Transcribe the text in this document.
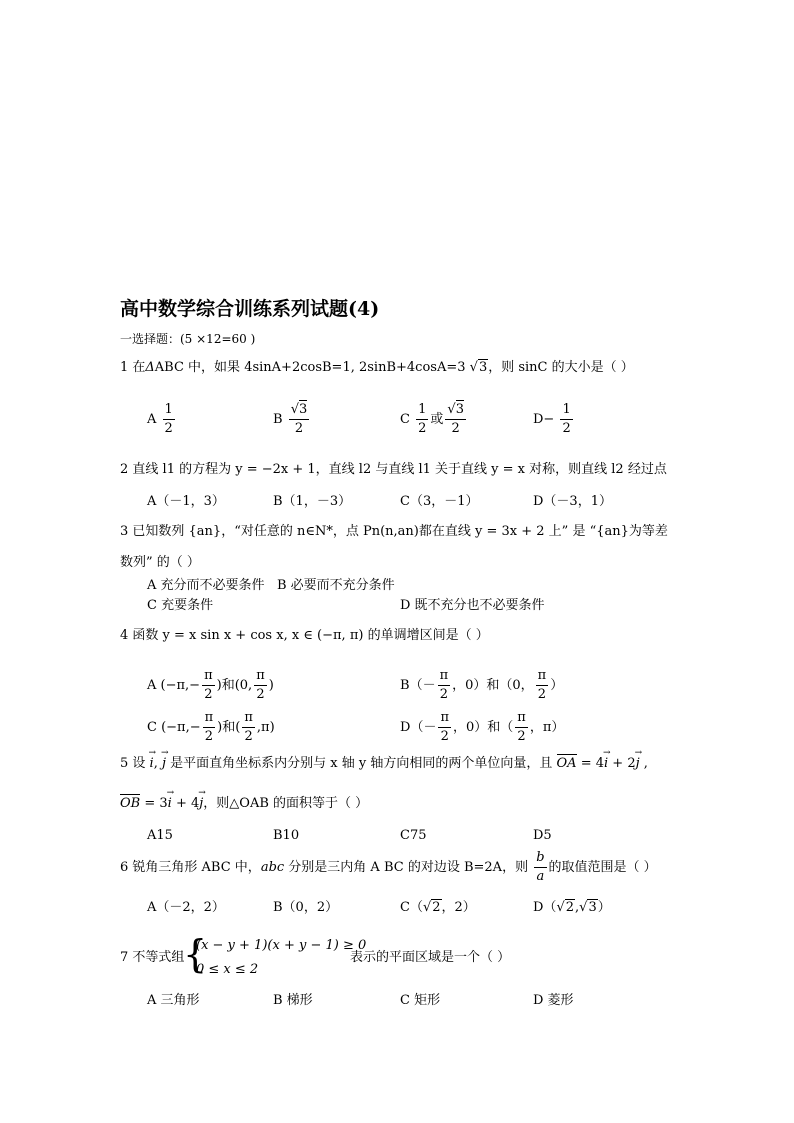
高中数学综合训练系列试题(4)
一选择题：(5 ×12=60 )
1 在ΔABC 中，如果 4sinA+2cosB=1, 2sinB+4cosA=3 √3，则 sinC 的大小是（ ）
A $\frac{1}{2}$	B $\frac{√3}{2}$	C $\frac{1}{2}$ 或 $\frac{√3}{2}$	$D- \frac{1}{2}$
2 直线 l1 的方程为 y = −2x + 1，直线 l2 与直线 l1 关于直线 y = x 对称，则直线 l2 经过点
A（－1，3）	B（1，－3）	C（3，－1）	D（－3，1）
3 已知数列 {an}，“对任意的 n∈N*，点 Pn(n,an)都在直线 y = 3x + 2 上” 是 “{an}为等差
数列” 的（ ）
A 充分而不必要条件 B 必要而不充分条件
C 充要条件	D 既不充分也不必要条件
4 函数 y = x sin x + cos x, x ∈ (−π, π) 的单调增区间是（ ）
A ($-\pi,- \frac{\pi}{2}$ )和(0, $\frac{\pi}{2}$ )	$B(- \frac{\pi}{2}$ ，0）和（0， $\frac{\pi}{2}$ ）
C ($-\pi,- \frac{\pi}{2}$ )和( $\frac{\pi}{2} ,\pi$)	$D(- \frac{\pi}{2}$ ，0）和（ $\frac{\pi}{2}$ ，π）
5 设 i →, j → 是平面直角坐标系内分别与 x 轴 y 轴方向相同的两个单位向量，且 OA = 4i → + 2j → ,
OB = 3i → + 4j →，则△OAB 的面积等于（ ）
A15	B10	C75	D5
6 锐角三角形 ABC 中，abc 分别是三内角 A BC 的对边设 B=2A，则 $\frac{b}{a}$ 的取值范围是（ ）
A（－2，2）	B（0，2）	C（√2，2）	D（√2,√3）
7 不等式组
{
(x − y + 1)(x + y − 1) ≥ 0
0 ≤ x ≤ 2
表示的平面区域是一个（ ）
A 三角形	B 梯形	C 矩形	D 菱形
